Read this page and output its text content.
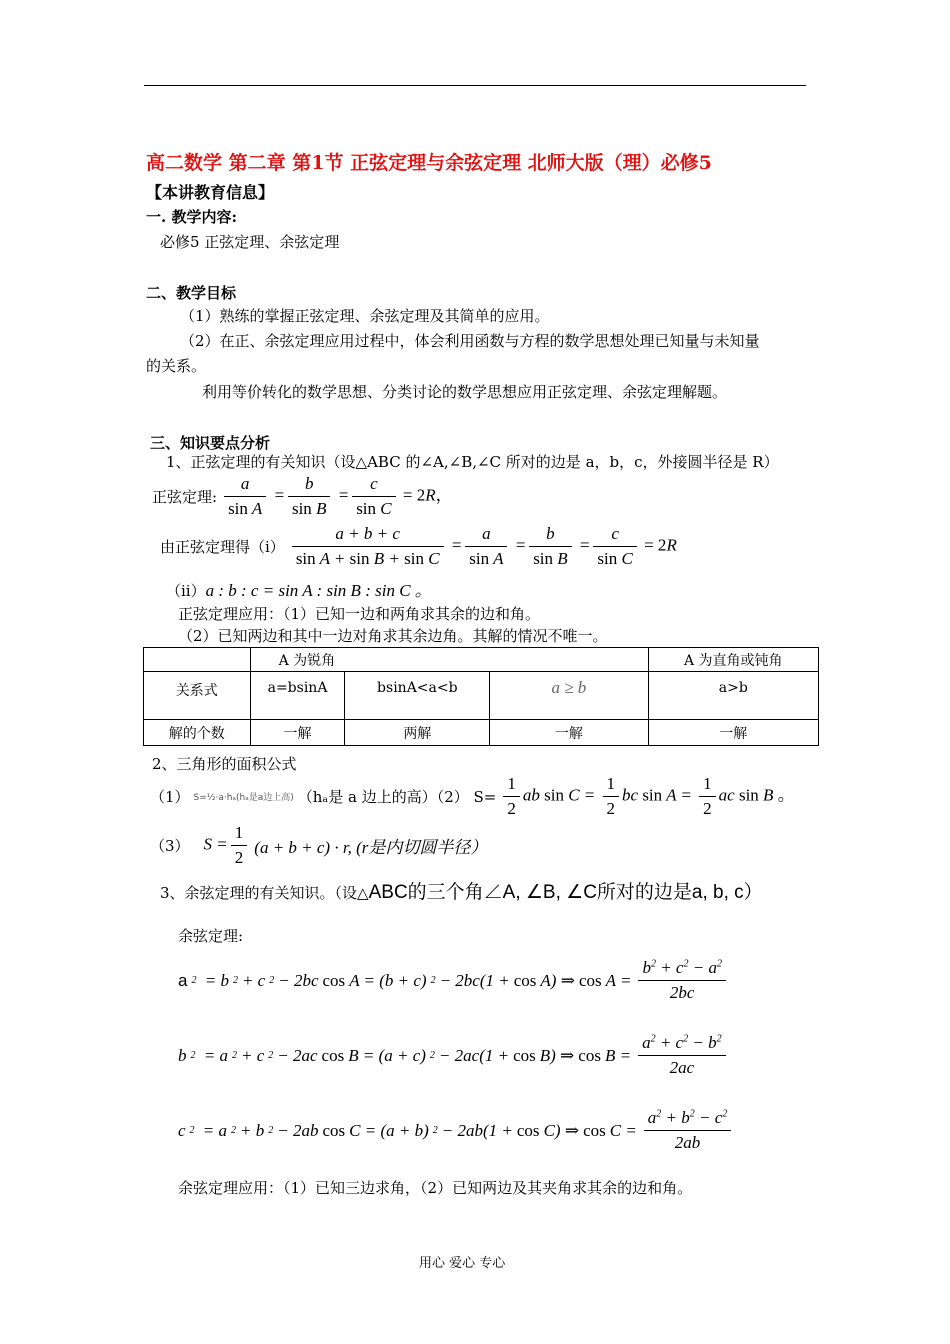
高二数学 第二章 第1节 正弦定理与余弦定理 北师大版（理）必修5
【本讲教育信息】
一. 教学内容:
必修5 正弦定理、余弦定理
二、教学目标
（1）熟练的掌握正弦定理、余弦定理及其简单的应用。
（2）在正、余弦定理应用过程中，体会利用函数与方程的数学思想处理已知量与未知量
的关系。
利用等价转化的数学思想、分类讨论的数学思想应用正弦定理、余弦定理解题。
三、知识要点分析
1、正弦定理的有关知识（设△ABC 的∠A,∠B,∠C 所对的边是 a，b，c，外接圆半径是 R）
正弦定理: $\frac{a}{\text{sin A}} = \frac{b}{\text{sin B}} = \frac{c}{\text{sin C}} = 2R$，
由正弦定理得$(i) \frac{a + b + c}{\text{sin A + sin B + sin C}} = \frac{a}{\text{sin A}} = \frac{b}{\text{sin B}} = \frac{c}{\text{sin C}} = 2R$
（ii）a : b : c = sin A : sin B : sin C 。
正弦定理应用：（1）已知一边和两角求其余的边和角。
（2）已知两边和其中一边对角求其余边角。其解的情况不唯一。
	A 为锐角			A 为直角或钝角
关系式	a=bsinA	bsinA<a<b	a ≥ b	a>b
解的个数	一解	两解	一解	一解
2、三角形的面积公式
（1） S=½·a·hₐ(hₐ是a边上高) （hₐ是 a 边上的高）（2） $S= \frac{1}{2}$ ab $\sin C = \frac{1}{2}$ bc $\sin A = \frac{1}{2}$ ac sin B 。
（3） $S = \frac{1}{2} (a + b + c) \cdot r$, (r是内切圆半径）
3、余弦定理的有关知识。（设△ABC的三个角∠A, ∠B, ∠C所对的边是a, b, c）
余弦定理:
a 2 = b 2 + c 2 − 2bc cos A = (b + c) 2 − 2bc(1 + cos A) ⇒ $\cos A = \frac{b^2 + c^2 - a^2}{2bc}$
b 2 = a 2 + c 2 − 2ac cos B = (a + c) 2 − 2ac(1 + cos B) ⇒ $\cos B = \frac{a^2 + c^2 - b^2}{2ac}$
c 2 = a 2 + b 2 − 2ab cos C = (a + b) 2 − 2ab(1 + cos C) ⇒ $\cos C = \frac{a^2 + b^2 - c^2}{2ab}$
余弦定理应用：（1）已知三边求角，（2）已知两边及其夹角求其余的边和角。
用心 爱心 专心
